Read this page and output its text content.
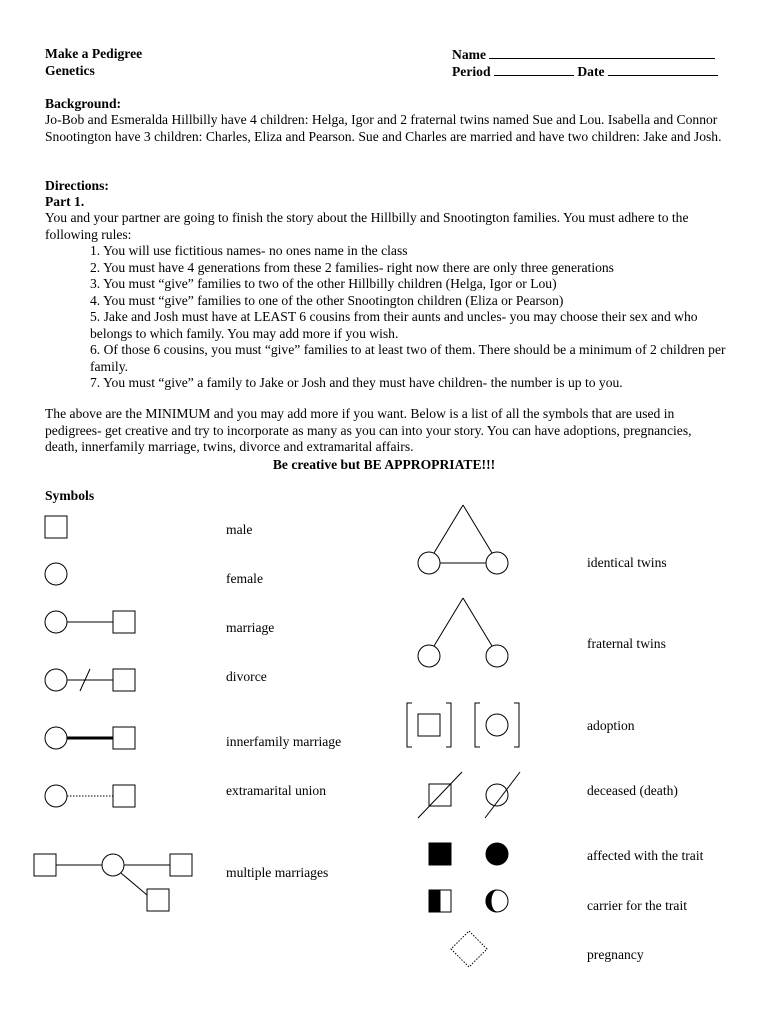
Make a Pedigree
Genetics
Name
Period	Date
Background:
Jo-Bob and Esmeralda Hillbilly have 4 children: Helga, Igor and 2 fraternal twins named Sue and Lou. Isabella and Connor Snootington have 3 children: Charles, Eliza and Pearson. Sue and Charles are married and have two children: Jake and Josh.
Directions:
Part 1.
You and your partner are going to finish the story about the Hillbilly and Snootington families. You must adhere to the following rules:
1. You will use fictitious names- no ones name in the class
2. You must have 4 generations from these 2 families- right now there are only three generations
3. You must “give” families to two of the other Hillbilly children (Helga, Igor or Lou)
4. You must “give” families to one of the other Snootington children (Eliza or Pearson)
5. Jake and Josh must have at LEAST 6 cousins from their aunts and uncles- you may choose their sex and who belongs to which family. You may add more if you wish.
6. Of those 6 cousins, you must “give” families to at least two of them. There should be a minimum of 2 children per family.
7. You must “give” a family to Jake or Josh and they must have children- the number is up to you.
The above are the MINIMUM and you may add more if you want. Below is a list of all the symbols that are used in pedigrees- get creative and try to incorporate as many as you can into your story. You can have adoptions, pregnancies, death, innerfamily marriage, twins, divorce and extramarital affairs.
Be creative but BE APPROPRIATE!!!
Symbols
male
female
marriage
divorce
innerfamily marriage
extramarital union
multiple marriages
identical twins
fraternal twins
adoption
deceased (death)
affected with the trait
carrier for the trait
pregnancy
